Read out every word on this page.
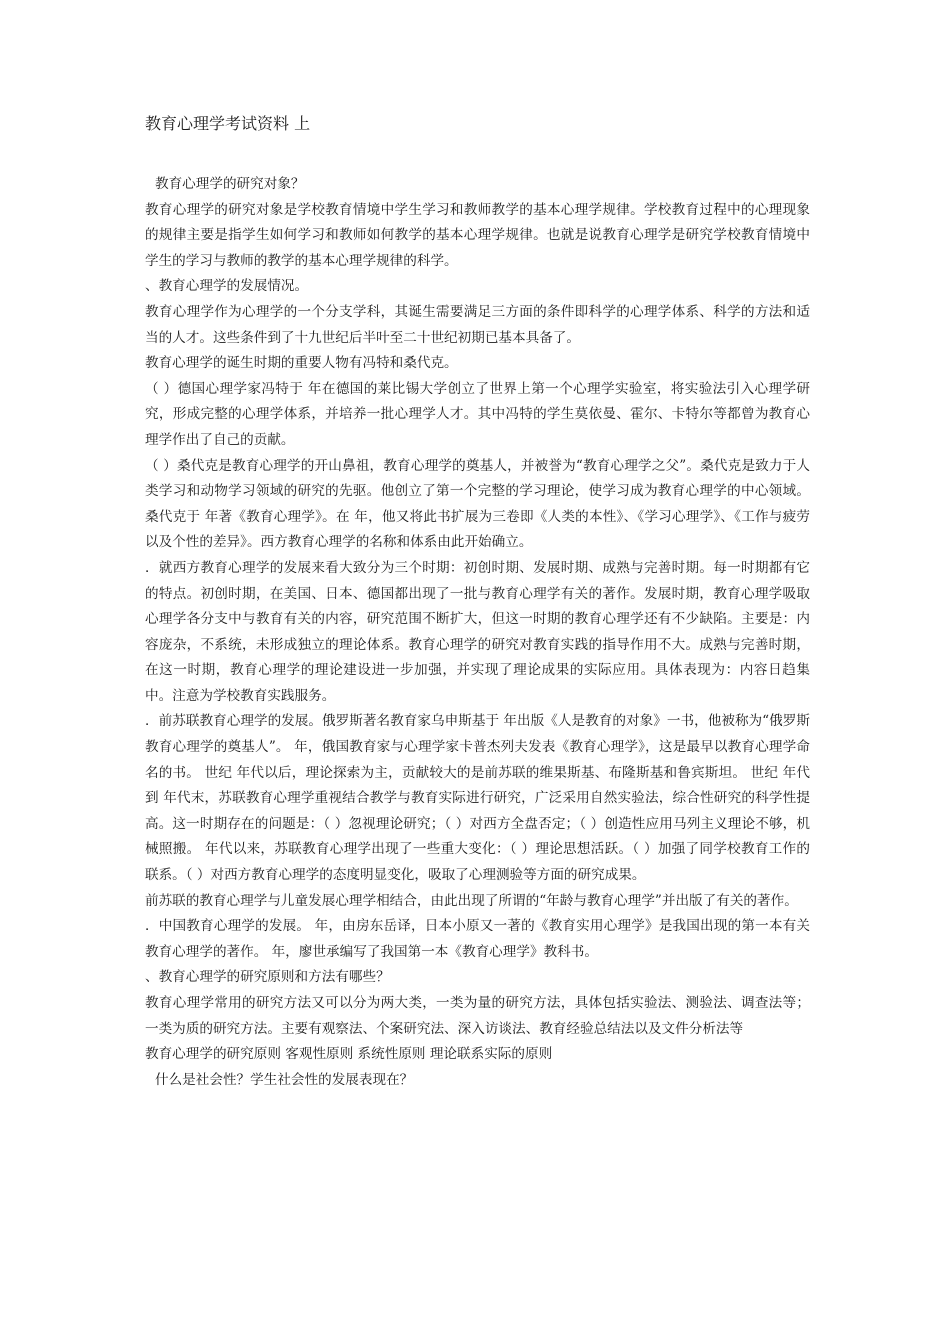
教育心理学考试资料 上

教育心理学的研究对象？

教育心理学的研究对象是学校教育情境中学生学习和教师教学的基本心理学规律。学校教育过程中的心理现象的规律主要是指学生如何学习和教师如何教学的基本心理学规律。也就是说教育心理学是研究学校教育情境中学生的学习与教师的教学的基本心理学规律的科学。

、教育心理学的发展情况。

教育心理学作为心理学的一个分支学科，其诞生需要满足三方面的条件即科学的心理学体系、科学的方法和适当的人才。这些条件到了十九世纪后半叶至二十世纪初期已基本具备了。

教育心理学的诞生时期的重要人物有冯特和桑代克。

（ ）德国心理学家冯特于 年在德国的莱比锡大学创立了世界上第一个心理学实验室，将实验法引入心理学研究，形成完整的心理学体系，并培养一批心理学人才。其中冯特的学生莫依曼、霍尔、卡特尔等都曾为教育心理学作出了自己的贡献。

（ ）桑代克是教育心理学的开山鼻祖，教育心理学的奠基人，并被誉为“教育心理学之父”。桑代克是致力于人类学习和动物学习领域的研究的先驱。他创立了第一个完整的学习理论，使学习成为教育心理学的中心领域。桑代克于 年著《教育心理学》。在 年，他又将此书扩展为三卷即《人类的本性》、《学习心理学》、《工作与疲劳以及个性的差异》。西方教育心理学的名称和体系由此开始确立。

．就西方教育心理学的发展来看大致分为三个时期：初创时期、发展时期、成熟与完善时期。每一时期都有它的特点。初创时期，在美国、日本、德国都出现了一批与教育心理学有关的著作。发展时期，教育心理学吸取心理学各分支中与教育有关的内容，研究范围不断扩大，但这一时期的教育心理学还有不少缺陷。主要是：内容庞杂，不系统，未形成独立的理论体系。教育心理学的研究对教育实践的指导作用不大。成熟与完善时期，在这一时期，教育心理学的理论建设进一步加强，并实现了理论成果的实际应用。具体表现为：内容日趋集中。注意为学校教育实践服务。

．前苏联教育心理学的发展。俄罗斯著名教育家乌申斯基于 年出版《人是教育的对象》一书，他被称为“俄罗斯教育心理学的奠基人”。 年，俄国教育家与心理学家卡普杰列夫发表《教育心理学》，这是最早以教育心理学命名的书。 世纪 年代以后，理论探索为主，贡献较大的是前苏联的维果斯基、布隆斯基和鲁宾斯坦。 世纪 年代到 年代末，苏联教育心理学重视结合教学与教育实际进行研究，广泛采用自然实验法，综合性研究的科学性提高。这一时期存在的问题是：（ ）忽视理论研究；（ ）对西方全盘否定；（ ）创造性应用马列主义理论不够，机械照搬。 年代以来，苏联教育心理学出现了一些重大变化：（ ）理论思想活跃。（ ）加强了同学校教育工作的联系。（ ）对西方教育心理学的态度明显变化，吸取了心理测验等方面的研究成果。

前苏联的教育心理学与儿童发展心理学相结合，由此出现了所谓的“年龄与教育心理学”并出版了有关的著作。

．中国教育心理学的发展。 年，由房东岳译，日本小原又一著的《教育实用心理学》是我国出现的第一本有关教育心理学的著作。 年，廖世承编写了我国第一本《教育心理学》教科书。

、教育心理学的研究原则和方法有哪些？

教育心理学常用的研究方法又可以分为两大类，一类为量的研究方法，具体包括实验法、测验法、调查法等；一类为质的研究方法。主要有观察法、个案研究法、深入访谈法、教育经验总结法以及文件分析法等

教育心理学的研究原则 客观性原则 系统性原则 理论联系实际的原则

什么是社会性？学生社会性的发展表现在？
